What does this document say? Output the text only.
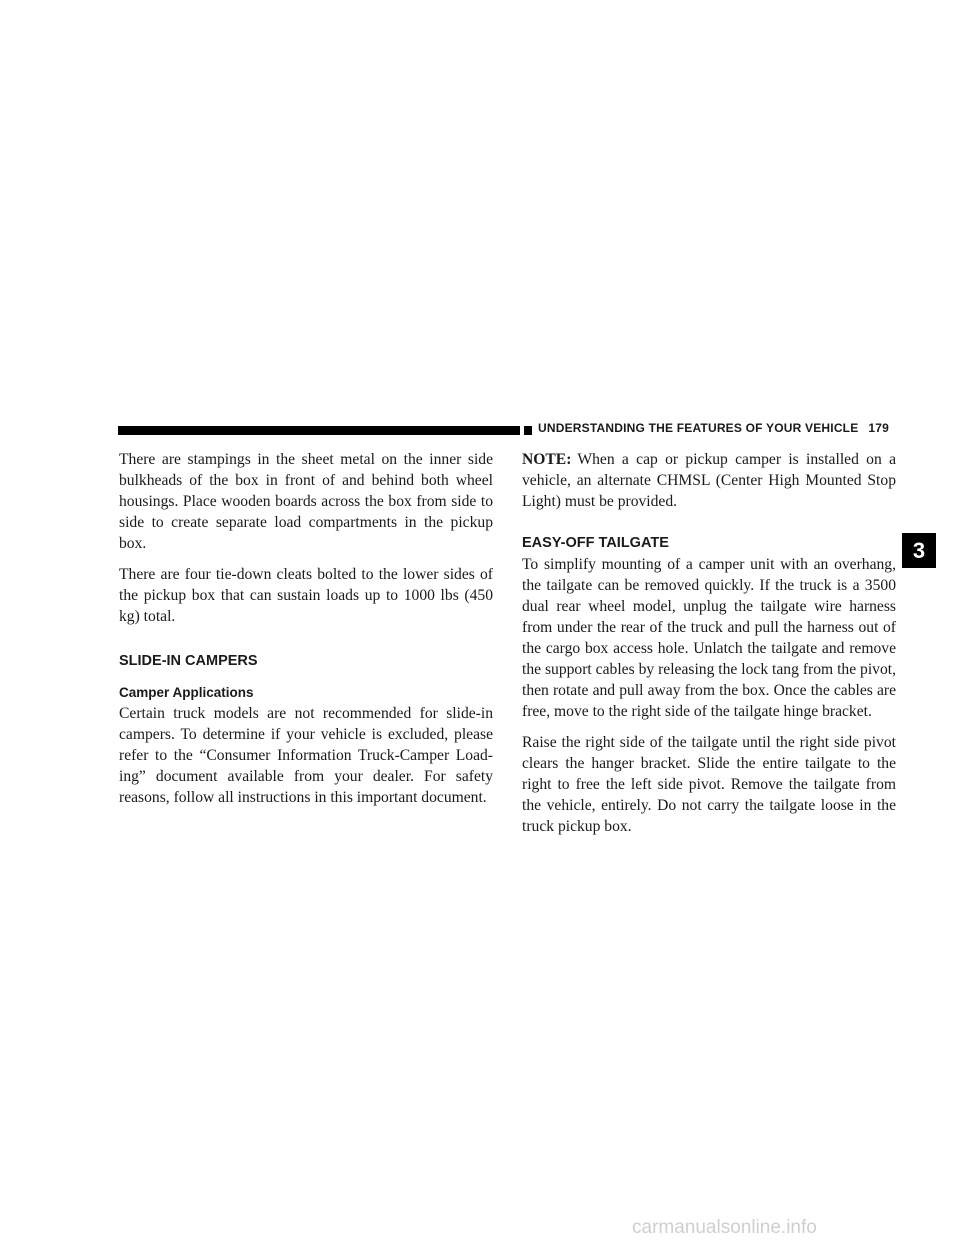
UNDERSTANDING THE FEATURES OF YOUR VEHICLE 179
3

There are stampings in the sheet metal on the inner side bulkheads of the box in front of and behind both wheel housings. Place wooden boards across the box from side to side to create separate load compartments in the pickup box.

There are four tie-down cleats bolted to the lower sides of the pickup box that can sustain loads up to 1000 lbs (450 kg) total.

SLIDE-IN CAMPERS
Camper Applications

Certain truck models are not recommended for slide-in campers. To determine if your vehicle is excluded, please refer to the “Consumer Information Truck-Camper Loading” document available from your dealer. For safety reasons, follow all instructions in this important document.

NOTE: When a cap or pickup camper is installed on a vehicle, an alternate CHMSL (Center High Mounted Stop Light) must be provided.

EASY-OFF TAILGATE

To simplify mounting of a camper unit with an overhang, the tailgate can be removed quickly. If the truck is a 3500 dual rear wheel model, unplug the tailgate wire harness from under the rear of the truck and pull the harness out of the cargo box access hole. Unlatch the tailgate and remove the support cables by releasing the lock tang from the pivot, then rotate and pull away from the box. Once the cables are free, move to the right side of the tailgate hinge bracket.

Raise the right side of the tailgate until the right side pivot clears the hanger bracket. Slide the entire tailgate to the right to free the left side pivot. Remove the tailgate from the vehicle, entirely. Do not carry the tailgate loose in the truck pickup box.

carmanualsonline.info
